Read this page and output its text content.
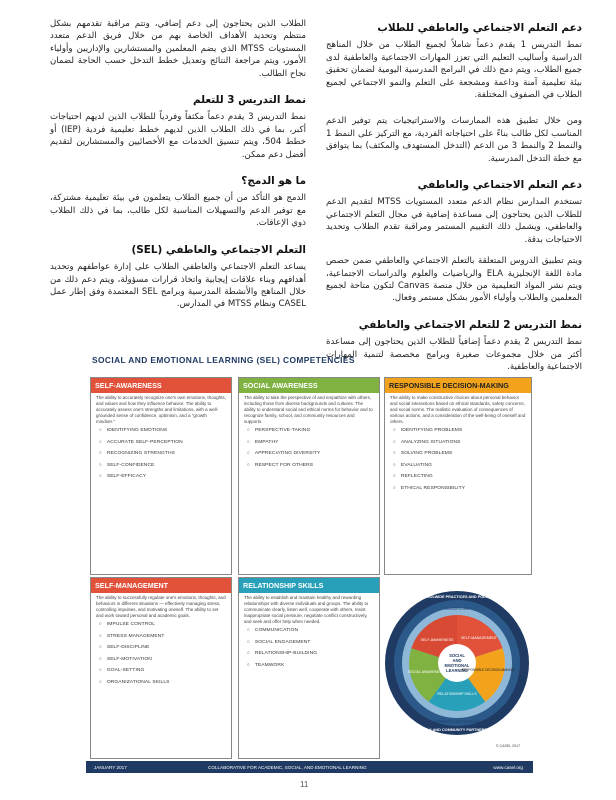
دعم التعلم الاجتماعي والعاطفي للطلاب

نمط التدريس 1 يقدم دعماً شاملاً لجميع الطلاب من خلال المناهج الدراسية وأساليب التعليم التي تعزز المهارات الاجتماعية والعاطفية لدى جميع الطلاب، ويتم دمج ذلك في البرامج المدرسية اليومية لضمان تحقيق بيئة تعليمية آمنة وداعمة ومشجعة على التعلم والنمو الاجتماعي لجميع الطلاب في الصفوف المختلفة.

ومن خلال تطبيق هذه الممارسات والاستراتيجيات يتم توفير الدعم المناسب لكل طالب بناءً على احتياجاته الفردية، مع التركيز على النمط 1 والنمط 2 والنمط 3 من الدعم (التدخل المستهدف والمكثف) بما يتوافق مع خطة التدخل المدرسية.

دعم التعلم الاجتماعي والعاطفي

تستخدم المدارس نظام الدعم متعدد المستويات MTSS لتقديم الدعم للطلاب الذين يحتاجون إلى مساعدة إضافية في مجال التعلم الاجتماعي والعاطفي، ويشمل ذلك التقييم المستمر ومراقبة تقدم الطلاب وتحديد الاحتياجات بدقة.

ويتم تطبيق الدروس المتعلقة بالتعلم الاجتماعي والعاطفي ضمن حصص مادة اللغة الإنجليزية ELA والرياضيات والعلوم والدراسات الاجتماعية، ويتم نشر المواد التعليمية من خلال منصة Canvas لتكون متاحة لجميع المعلمين والطلاب وأولياء الأمور بشكل مستمر وفعال.

نمط التدريس 2 للتعلم الاجتماعي والعاطفي

نمط التدريس 2 يقدم دعماً إضافياً للطلاب الذين يحتاجون إلى مساعدة أكثر من خلال مجموعات صغيرة وبرامج مخصصة لتنمية المهارات الاجتماعية والعاطفية.

الطلاب الذين يحتاجون إلى دعم إضافي، وتتم مراقبة تقدمهم بشكل منتظم وتحديد الأهداف الخاصة بهم من خلال فريق الدعم متعدد المستويات MTSS الذي يضم المعلمين والمستشارين والإداريين وأولياء الأمور، ويتم مراجعة النتائج وتعديل خطط التدخل حسب الحاجة لضمان نجاح الطالب.

نمط التدريس 3 للتعلم

نمط التدريس 3 يقدم دعماً مكثفاً وفردياً للطلاب الذين لديهم احتياجات أكبر، بما في ذلك الطلاب الذين لديهم خطط تعليمية فردية (IEP) أو خطط 504، ويتم تنسيق الخدمات مع الأخصائيين والمستشارين لتقديم أفضل دعم ممكن.

ما هو الدمج؟

الدمج هو التأكد من أن جميع الطلاب يتعلمون في بيئة تعليمية مشتركة، مع توفير الدعم والتسهيلات المناسبة لكل طالب، بما في ذلك الطلاب ذوي الإعاقات.

التعلم الاجتماعي والعاطفي (SEL)

يساعد التعلم الاجتماعي والعاطفي الطلاب على إدارة عواطفهم وتحديد أهدافهم وبناء علاقات إيجابية واتخاذ قرارات مسؤولة، ويتم دعم ذلك من خلال المناهج والأنشطة المدرسية وبرامج SEL المعتمدة وفق إطار عمل CASEL ونظام MTSS في المدارس.

SOCIAL AND EMOTIONAL LEARNING (SEL) COMPETENCIES
SELF-AWARENESS
The ability to accurately recognize one's own emotions, thoughts, and values and how they influence behavior. The ability to accurately assess one's strengths and limitations, with a well-grounded sense of confidence, optimism, and a "growth mindset."
○ IDENTIFYING EMOTIONS
○ ACCURATE SELF-PERCEPTION
○ RECOGNIZING STRENGTHS
○ SELF-CONFIDENCE
○ SELF-EFFICACY
SOCIAL AWARENESS
The ability to take the perspective of and empathize with others, including those from diverse backgrounds and cultures. The ability to understand social and ethical norms for behavior and to recognize family, school, and community resources and supports.
○ PERSPECTIVE-TAKING
○ EMPATHY
○ APPRECIATING DIVERSITY
○ RESPECT FOR OTHERS
RESPONSIBLE DECISION-MAKING
The ability to make constructive choices about personal behavior and social interactions based on ethical standards, safety concerns, and social norms. The realistic evaluation of consequences of various actions, and a consideration of the well-being of oneself and others.
○ IDENTIFYING PROBLEMS
○ ANALYZING SITUATIONS
○ SOLVING PROBLEMS
○ EVALUATING
○ REFLECTING
○ ETHICAL RESPONSIBILITY
SELF-MANAGEMENT
The ability to successfully regulate one's emotions, thoughts, and behaviors in different situations — effectively managing stress, controlling impulses, and motivating oneself. The ability to set and work toward personal and academic goals.
○ IMPULSE CONTROL
○ STRESS MANAGEMENT
○ SELF-DISCIPLINE
○ SELF-MOTIVATION
○ GOAL-SETTING
○ ORGANIZATIONAL SKILLS
RELATIONSHIP SKILLS
The ability to establish and maintain healthy and rewarding relationships with diverse individuals and groups. The ability to communicate clearly, listen well, cooperate with others, resist inappropriate social pressure, negotiate conflict constructively, and seek and offer help when needed.
○ COMMUNICATION
○ SOCIAL ENGAGEMENT
○ RELATIONSHIP-BUILDING
○ TEAMWORK
SOCIAL
AND
EMOTIONAL
LEARNING
SELF-AWARENESS SELF-MANAGEMENT
RESPONSIBLE DECISION-MAKING
RELATIONSHIP SKILLS
SOCIAL AWARENESS
SCHOOLWIDE PRACTICES AND POLICIES
CLASSROOMS
AUTHENTIC PARTNERSHIPS
FAMILY AND COMMUNITY PARTNERSHIPS
© CASEL 2017
JANUARY 2017	COLLABORATIVE FOR ACADEMIC, SOCIAL, AND EMOTIONAL LEARNING	www.casel.org
11
